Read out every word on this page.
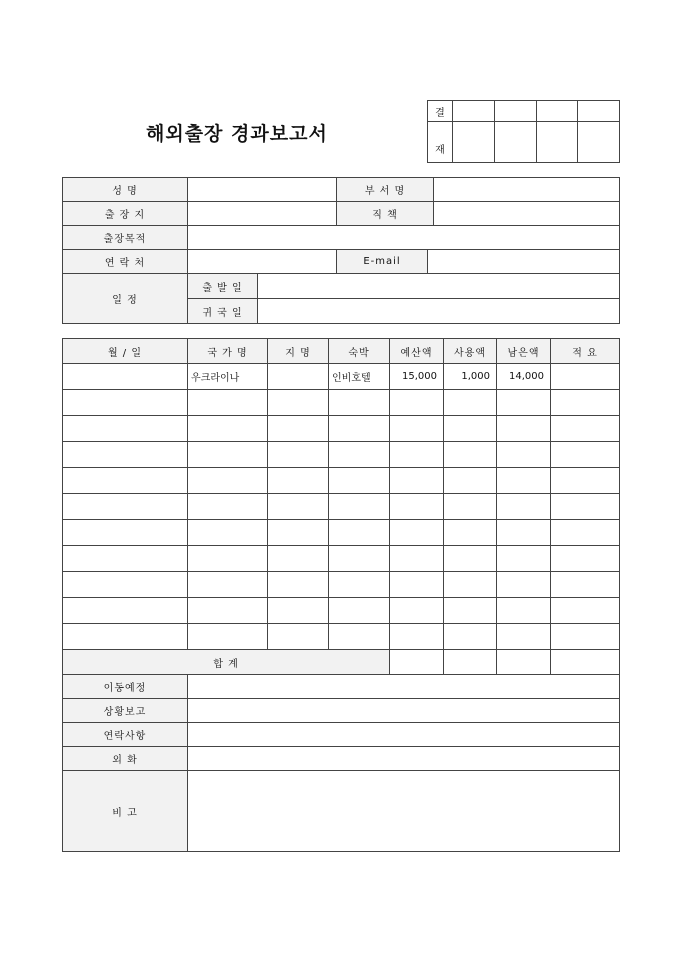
해외출장 경과보고서
결				
재				
성 명			부 서 명		
출 장 지			직 책		
출장목적					
연 락 처			E-mail		
일 정	출 발 일				
	귀 국 일				
월 / 일	국 가 명	지 명	숙박	예산액	사용액	남은액	적 요
	우크라이나		인비호텔	15,000	1,000	14,000	

합 계							
이동예정	
상황보고	
연락사항	
외 화	
비 고	
